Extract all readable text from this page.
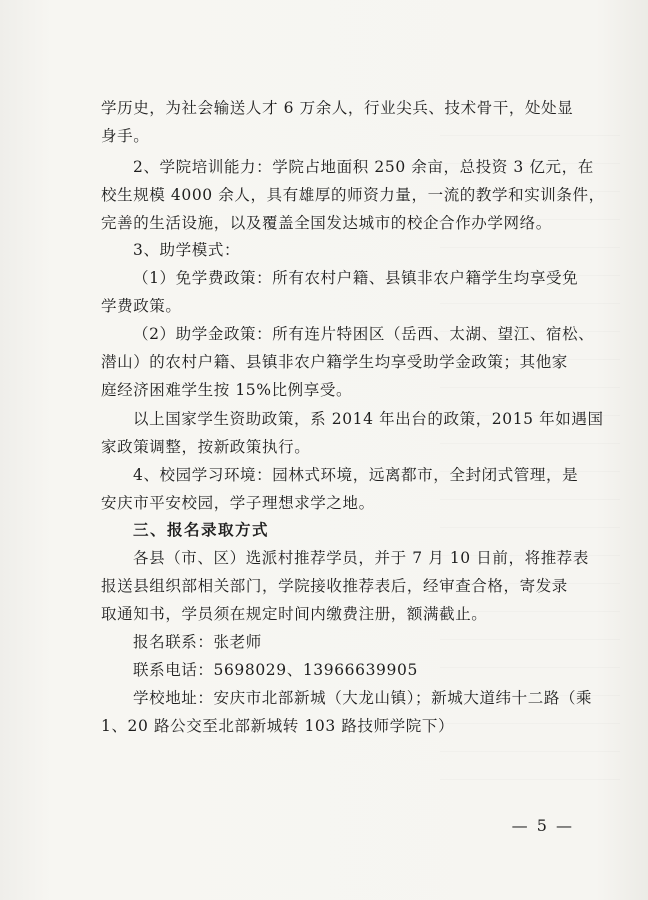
学历史，为社会输送人才 6 万余人，行业尖兵、技术骨干，处处显
身手。
2、学院培训能力：学院占地面积 250 余亩，总投资 3 亿元，在
校生规模 4000 余人，具有雄厚的师资力量，一流的教学和实训条件，
完善的生活设施，以及覆盖全国发达城市的校企合作办学网络。
3、助学模式：
（1）免学费政策：所有农村户籍、县镇非农户籍学生均享受免
学费政策。
（2）助学金政策：所有连片特困区（岳西、太湖、望江、宿松、
潜山）的农村户籍、县镇非农户籍学生均享受助学金政策；其他家
庭经济困难学生按 15%比例享受。
以上国家学生资助政策，系 2014 年出台的政策，2015 年如遇国
家政策调整，按新政策执行。
4、校园学习环境：园林式环境，远离都市，全封闭式管理，是
安庆市平安校园，学子理想求学之地。
三、报名录取方式
各县（市、区）选派村推荐学员，并于 7 月 10 日前，将推荐表
报送县组织部相关部门，学院接收推荐表后，经审查合格，寄发录
取通知书，学员须在规定时间内缴费注册，额满截止。
报名联系：张老师
联系电话：5698029、13966639905
学校地址：安庆市北部新城（大龙山镇）；新城大道纬十二路（乘
1、20 路公交至北部新城转 103 路技师学院下）
— 5 —
